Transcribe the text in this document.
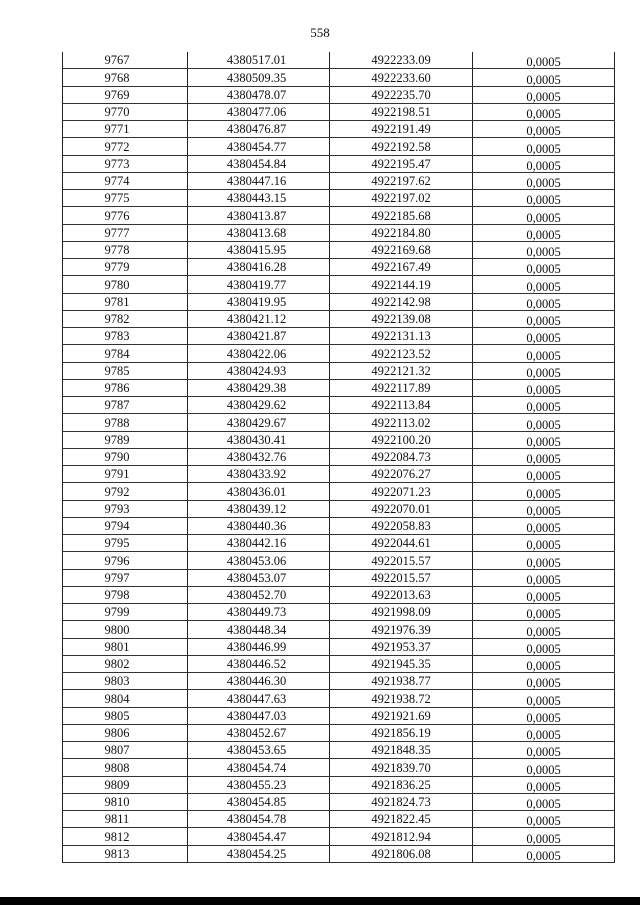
558
9767	4380517.01	4922233.09	0,0005
9768	4380509.35	4922233.60	0,0005
9769	4380478.07	4922235.70	0,0005
9770	4380477.06	4922198.51	0,0005
9771	4380476.87	4922191.49	0,0005
9772	4380454.77	4922192.58	0,0005
9773	4380454.84	4922195.47	0,0005
9774	4380447.16	4922197.62	0,0005
9775	4380443.15	4922197.02	0,0005
9776	4380413.87	4922185.68	0,0005
9777	4380413.68	4922184.80	0,0005
9778	4380415.95	4922169.68	0,0005
9779	4380416.28	4922167.49	0,0005
9780	4380419.77	4922144.19	0,0005
9781	4380419.95	4922142.98	0,0005
9782	4380421.12	4922139.08	0,0005
9783	4380421.87	4922131.13	0,0005
9784	4380422.06	4922123.52	0,0005
9785	4380424.93	4922121.32	0,0005
9786	4380429.38	4922117.89	0,0005
9787	4380429.62	4922113.84	0,0005
9788	4380429.67	4922113.02	0,0005
9789	4380430.41	4922100.20	0,0005
9790	4380432.76	4922084.73	0,0005
9791	4380433.92	4922076.27	0,0005
9792	4380436.01	4922071.23	0,0005
9793	4380439.12	4922070.01	0,0005
9794	4380440.36	4922058.83	0,0005
9795	4380442.16	4922044.61	0,0005
9796	4380453.06	4922015.57	0,0005
9797	4380453.07	4922015.57	0,0005
9798	4380452.70	4922013.63	0,0005
9799	4380449.73	4921998.09	0,0005
9800	4380448.34	4921976.39	0,0005
9801	4380446.99	4921953.37	0,0005
9802	4380446.52	4921945.35	0,0005
9803	4380446.30	4921938.77	0,0005
9804	4380447.63	4921938.72	0,0005
9805	4380447.03	4921921.69	0,0005
9806	4380452.67	4921856.19	0,0005
9807	4380453.65	4921848.35	0,0005
9808	4380454.74	4921839.70	0,0005
9809	4380455.23	4921836.25	0,0005
9810	4380454.85	4921824.73	0,0005
9811	4380454.78	4921822.45	0,0005
9812	4380454.47	4921812.94	0,0005
9813	4380454.25	4921806.08	0,0005
